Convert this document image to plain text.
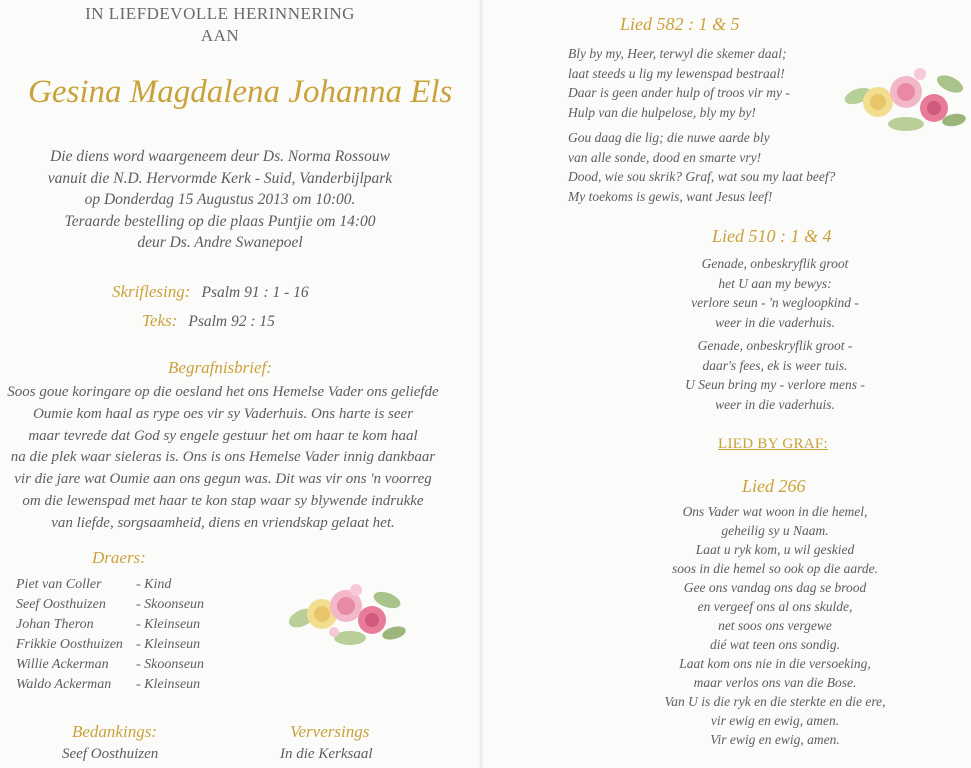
IN LIEFDEVOLLE HERINNERING
AAN
Gesina Magdalena Johanna Els
Die diens word waargeneem deur Ds. Norma Rossouw
vanuit die N.D. Hervormde Kerk - Suid, Vanderbijlpark
op Donderdag 15 Augustus 2013 om 10:00.
Teraarde bestelling op die plaas Puntjie om 14:00
deur Ds. Andre Swanepoel
Skriflesing: Psalm 91 : 1 - 16
Teks: Psalm 92 : 15
Begrafnisbrief:
Soos goue koringare op die oesland het ons Hemelse Vader ons geliefde
Oumie kom haal as rype oes vir sy Vaderhuis. Ons harte is seer
maar tevrede dat God sy engele gestuur het om haar te kom haal
na die plek waar sieleras is. Ons is ons Hemelse Vader innig dankbaar
vir die jare wat Oumie aan ons gegun was. Dit was vir ons 'n voorreg
om die lewenspad met haar te kon stap waar sy blywende indrukke
van liefde, sorgsaamheid, diens en vriendskap gelaat het.
Draers:
Piet van Coller	- Kind
Seef Oosthuizen	- Skoonseun
Johan Theron	- Kleinseun
Frikkie Oosthuizen - Kleinseun
Willie Ackerman	- Skoonseun
Waldo Ackerman	- Kleinseun
Bedankings:
Seef Oosthuizen
Verversings
In die Kerksaal
Lied 582 : 1 & 5
Bly by my, Heer, terwyl die skemer daal;
laat steeds u lig my lewenspad bestraal!
Daar is geen ander hulp of troos vir my -
Hulp van die hulpelose, bly my by!
Gou daag die lig; die nuwe aarde bly
van alle sonde, dood en smarte vry!
Dood, wie sou skrik? Graf, wat sou my laat beef?
My toekoms is gewis, want Jesus leef!
Lied 510 : 1 & 4
Genade, onbeskryflik groot
het U aan my bewys:
verlore seun - 'n wegloopkind -
weer in die vaderhuis.
Genade, onbeskryflik groot -
daar's fees, ek is weer tuis.
U Seun bring my - verlore mens -
weer in die vaderhuis.
LIED BY GRAF:
Lied 266
Ons Vader wat woon in die hemel,
geheilig sy u Naam.
Laat u ryk kom, u wil geskied
soos in die hemel so ook op die aarde.
Gee ons vandag ons dag se brood
en vergeef ons al ons skulde,
net soos ons vergewe
dié wat teen ons sondig.
Laat kom ons nie in die versoeking,
maar verlos ons van die Bose.
Van U is die ryk en die sterkte en die ere,
vir ewig en ewig, amen.
Vir ewig en ewig, amen.
